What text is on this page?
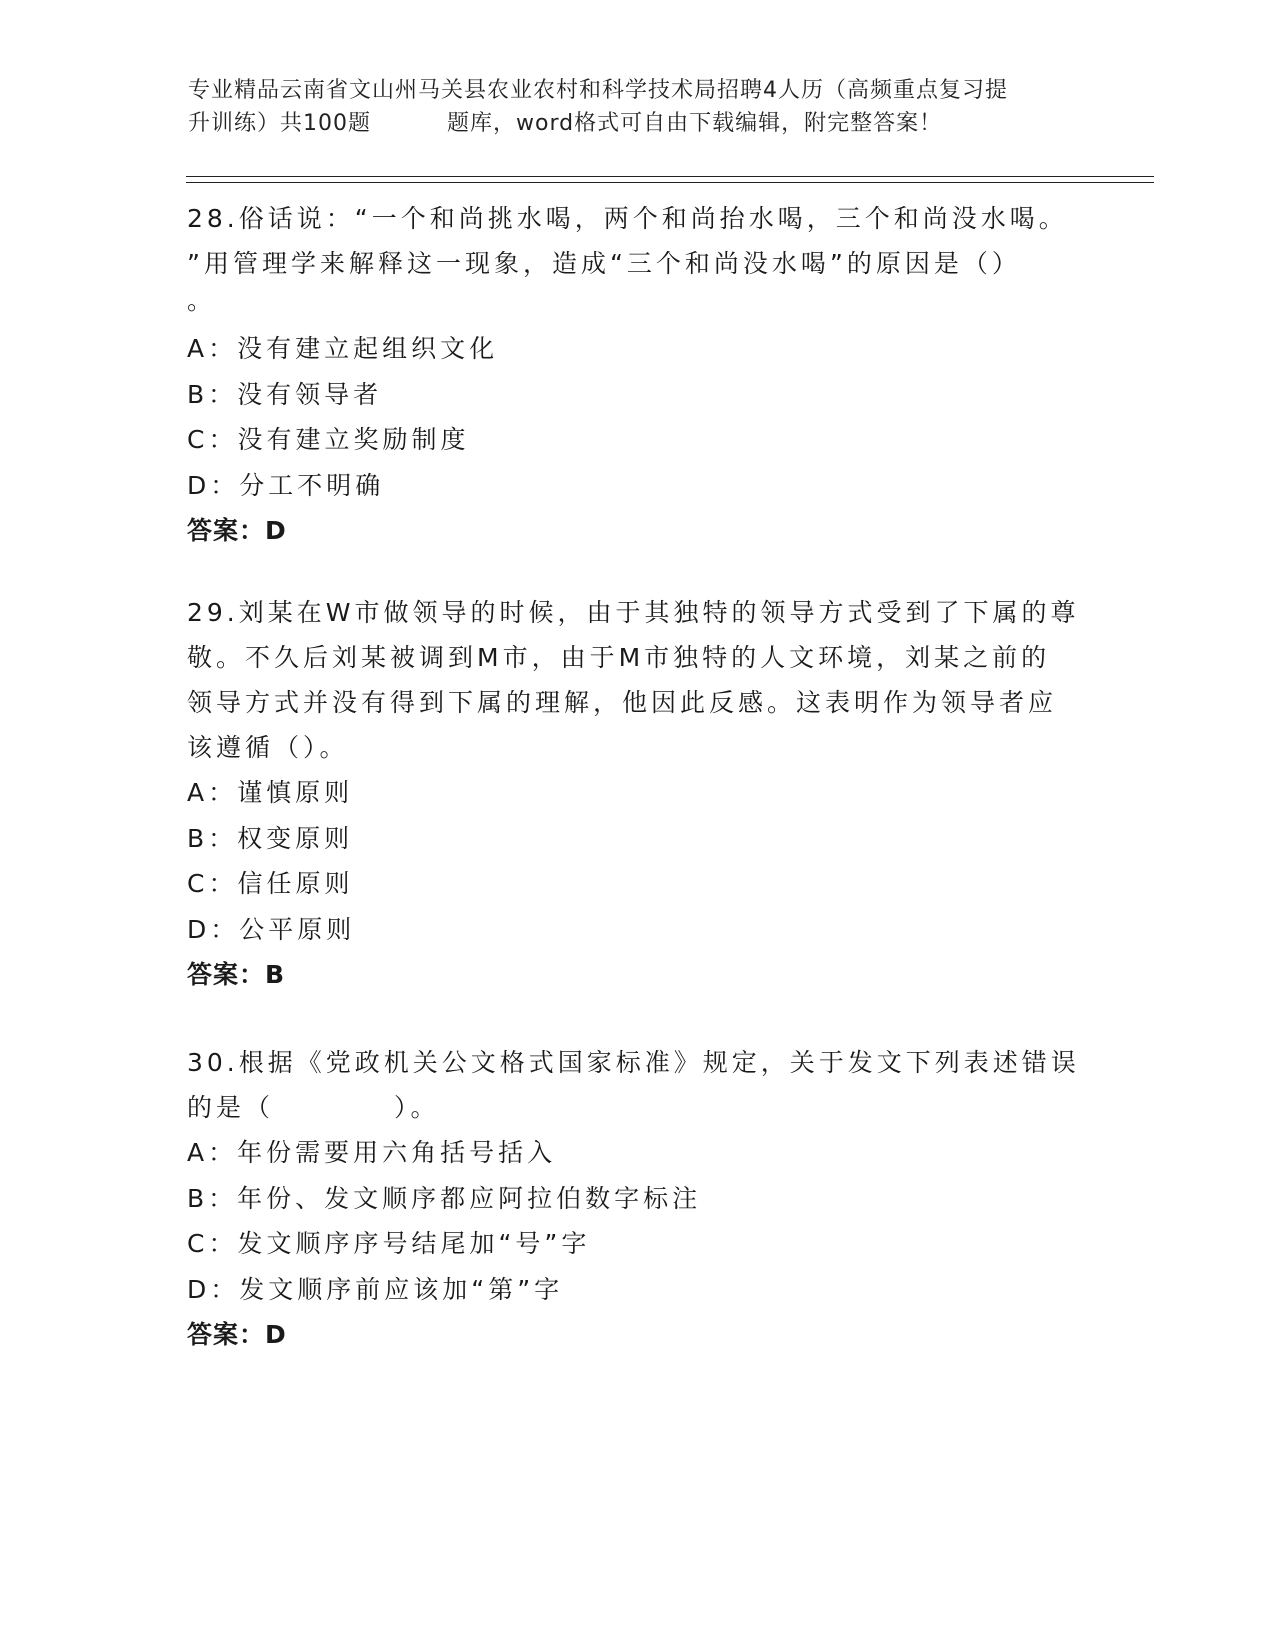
专业精品云南省文山州马关县农业农村和科学技术局招聘4人历（高频重点复习提
升训练）共100题	题库，word格式可自由下载编辑，附完整答案！
28.俗话说：“一个和尚挑水喝，两个和尚抬水喝，三个和尚没水喝。
”用管理学来解释这一现象，造成“三个和尚没水喝”的原因是（）
。
A：没有建立起组织文化
B：没有领导者
C：没有建立奖励制度
D：分工不明确
答案：D
29.刘某在W市做领导的时候，由于其独特的领导方式受到了下属的尊
敬。不久后刘某被调到M市，由于M市独特的人文环境，刘某之前的
领导方式并没有得到下属的理解，他因此反感。这表明作为领导者应
该遵循（）。
A：谨慎原则
B：权变原则
C：信任原则
D：公平原则
答案：B
30.根据《党政机关公文格式国家标准》规定，关于发文下列表述错误
的是（	）。
A：年份需要用六角括号括入
B：年份、发文顺序都应阿拉伯数字标注
C：发文顺序序号结尾加“号”字
D：发文顺序前应该加“第”字
答案：D
